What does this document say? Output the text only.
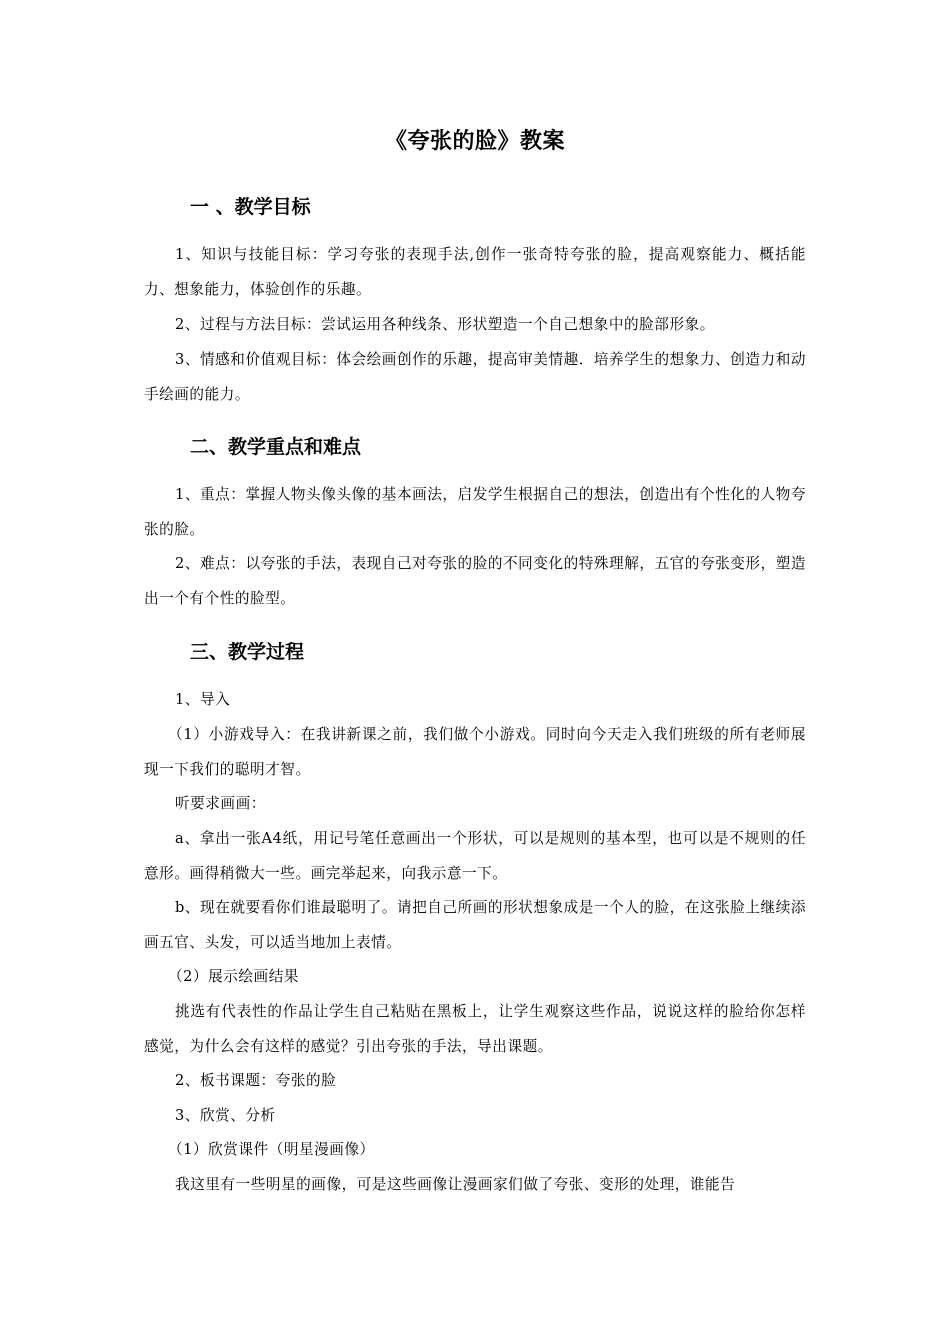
《夸张的脸》教案
一 、教学目标
1、知识与技能目标：学习夸张的表现手法,创作一张奇特夸张的脸，提高观察能力、概括能力、想象能力，体验创作的乐趣。
2、过程与方法目标：尝试运用各种线条、形状塑造一个自己想象中的脸部形象。
3、情感和价值观目标：体会绘画创作的乐趣，提高审美情趣．培养学生的想象力、创造力和动手绘画的能力。
二、教学重点和难点
1、重点：掌握人物头像头像的基本画法，启发学生根据自己的想法，创造出有个性化的人物夸张的脸。
2、难点：以夸张的手法，表现自己对夸张的脸的不同变化的特殊理解，五官的夸张变形，塑造出一个有个性的脸型。
三、教学过程
1、导入
（1）小游戏导入：在我讲新课之前，我们做个小游戏。同时向今天走入我们班级的所有老师展现一下我们的聪明才智。
听要求画画：
a、拿出一张A4纸，用记号笔任意画出一个形状，可以是规则的基本型，也可以是不规则的任意形。画得稍微大一些。画完举起来，向我示意一下。
b、现在就要看你们谁最聪明了。请把自己所画的形状想象成是一个人的脸，在这张脸上继续添画五官、头发，可以适当地加上表情。
（2）展示绘画结果
挑选有代表性的作品让学生自己粘贴在黑板上，让学生观察这些作品，说说这样的脸给你怎样感觉，为什么会有这样的感觉？引出夸张的手法，导出课题。
2、板书课题：夸张的脸
3、欣赏、分析
（1）欣赏课件（明星漫画像）
我这里有一些明星的画像，可是这些画像让漫画家们做了夸张、变形的处理，谁能告
